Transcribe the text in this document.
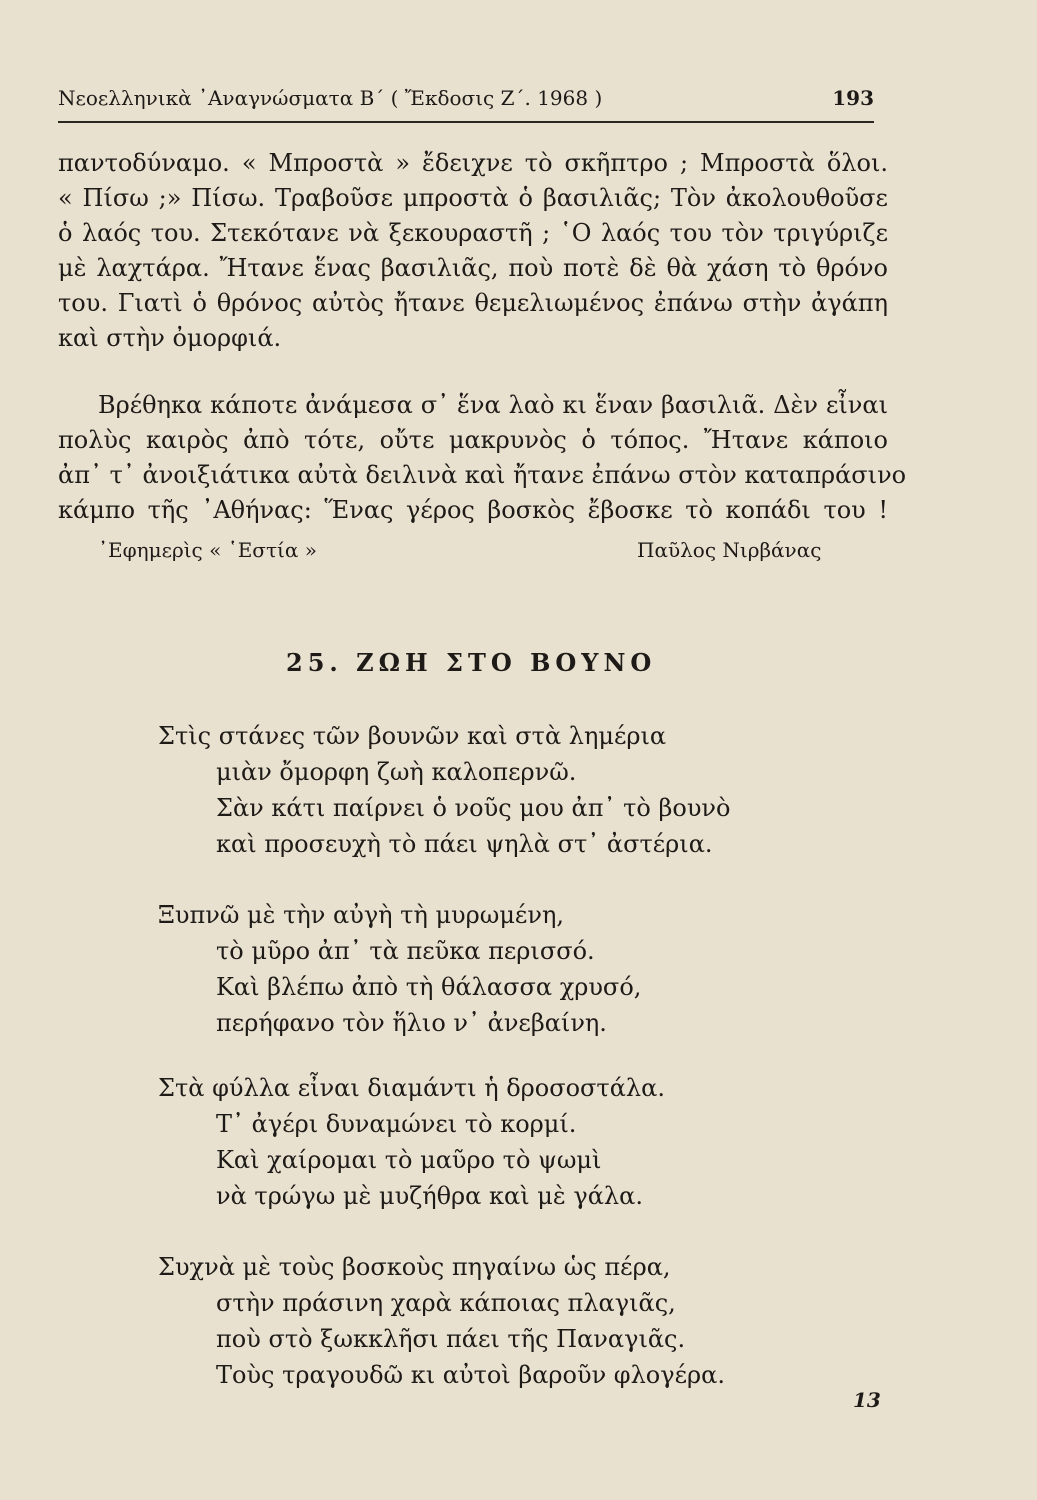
Νεοελληνικὰ ᾿Αναγνώσματα Β΄ ( Ἔκδοσις Ζ΄. 1968 )	193
παντοδύναμο. « Μπροστὰ » ἔδειχνε τὸ σκῆπτρο ; Μπροστὰ ὅλοι.
« Πίσω ;» Πίσω. Τραβοῦσε μπροστὰ ὁ βασιλιᾶς; Τὸν ἀκολουθοῦσε
ὁ λαός του. Στεκότανε νὰ ξεκουραστῆ ; ῾Ο λαός του τὸν τριγύριζε
μὲ λαχτάρα. Ἤτανε ἕνας βασιλιᾶς, ποὺ ποτὲ δὲ θὰ χάση τὸ θρόνο
του. Γιατὶ ὁ θρόνος αὐτὸς ἤτανε θεμελιωμένος ἐπάνω στὴν ἀγάπη
καὶ στὴν ὀμορφιά.
Βρέθηκα κάποτε ἀνάμεσα σ᾿ ἕνα λαὸ κι ἕναν βασιλιᾶ. Δὲν εἶναι
πολὺς καιρὸς ἀπὸ τότε, οὔτε μακρυνὸς ὁ τόπος. Ἤτανε κάποιο
ἀπ᾿ τ᾿ ἀνοιξιάτικα αὐτὰ δειλινὰ καὶ ἤτανε ἐπάνω στὸν καταπράσινο
κάμπο τῆς ᾿Αθήνας: Ἕνας γέρος βοσκὸς ἔβοσκε τὸ κοπάδι του !
᾿Εφημερὶς « ῾Εστία »	Παῦλος Νιρβάνας
25. ΖΩΗ ΣΤΟ ΒΟΥΝΟ
Στὶς στάνες τῶν βουνῶν καὶ στὰ λημέρια
μιὰν ὄμορφη ζωὴ καλοπερνῶ.
Σὰν κάτι παίρνει ὁ νοῦς μου ἀπ᾿ τὸ βουνὸ
καὶ προσευχὴ τὸ πάει ψηλὰ στ᾿ ἀστέρια.
Ξυπνῶ μὲ τὴν αὐγὴ τὴ μυρωμένη,
τὸ μῦρο ἀπ᾿ τὰ πεῦκα περισσό.
Καὶ βλέπω ἀπὸ τὴ θάλασσα χρυσό,
περήφανο τὸν ἥλιο ν᾿ ἀνεβαίνη.
Στὰ φύλλα εἶναι διαμάντι ἡ δροσοστάλα.
Τ᾿ ἀγέρι δυναμώνει τὸ κορμί.
Καὶ χαίρομαι τὸ μαῦρο τὸ ψωμὶ
νὰ τρώγω μὲ μυζήθρα καὶ μὲ γάλα.
Συχνὰ μὲ τοὺς βοσκοὺς πηγαίνω ὡς πέρα,
στὴν πράσινη χαρὰ κάποιας πλαγιᾶς,
ποὺ στὸ ξωκκλῆσι πάει τῆς Παναγιᾶς.
Τοὺς τραγουδῶ κι αὐτοὶ βαροῦν φλογέρα.
13
